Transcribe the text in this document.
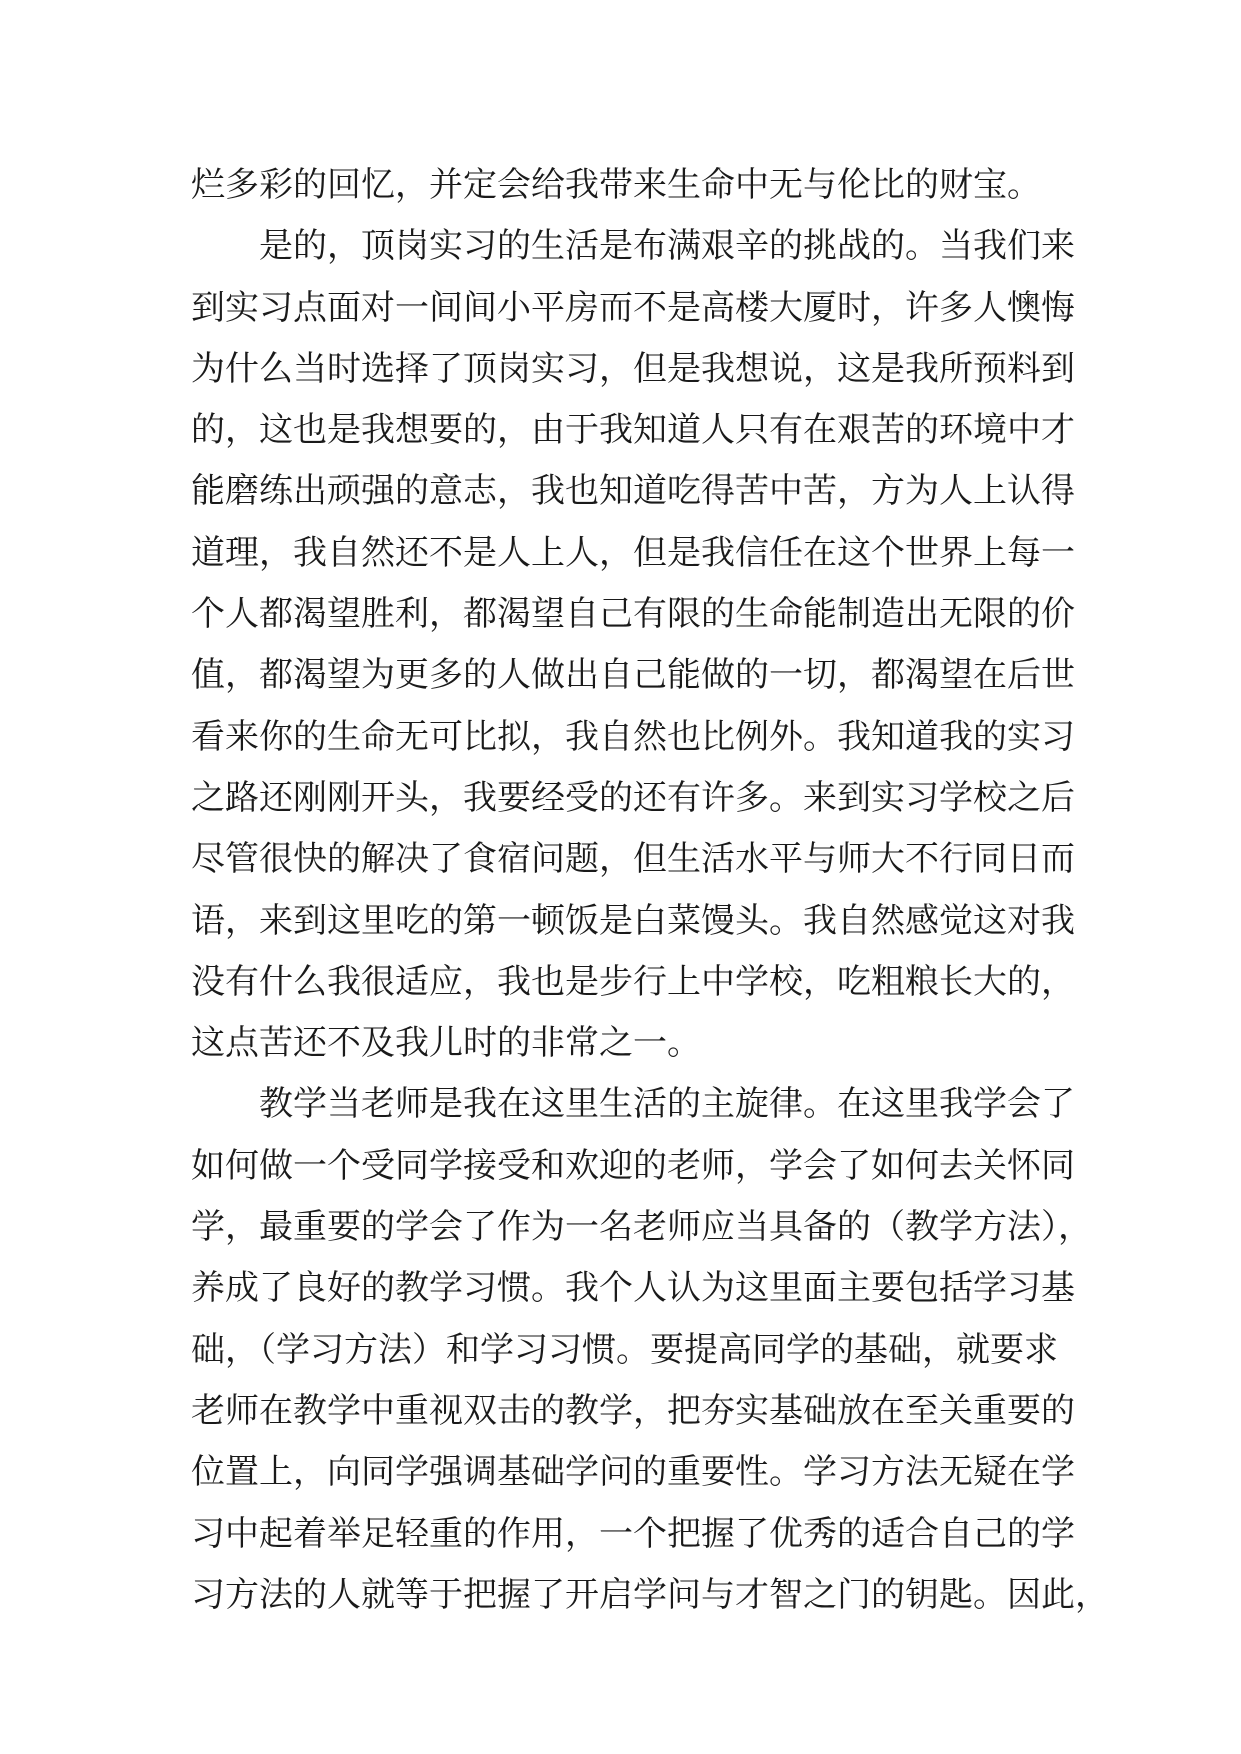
烂多彩的回忆，并定会给我带来生命中无与伦比的财宝。
是的，顶岗实习的生活是布满艰辛的挑战的。当我们来
到实习点面对一间间小平房而不是高楼大厦时，许多人懊悔
为什么当时选择了顶岗实习，但是我想说，这是我所预料到
的，这也是我想要的，由于我知道人只有在艰苦的环境中才
能磨练出顽强的意志，我也知道吃得苦中苦，方为人上认得
道理，我自然还不是人上人，但是我信任在这个世界上每一
个人都渴望胜利，都渴望自己有限的生命能制造出无限的价
值，都渴望为更多的人做出自己能做的一切，都渴望在后世
看来你的生命无可比拟，我自然也比例外。我知道我的实习
之路还刚刚开头，我要经受的还有许多。来到实习学校之后
尽管很快的解决了食宿问题，但生活水平与师大不行同日而
语，来到这里吃的第一顿饭是白菜馒头。我自然感觉这对我
没有什么我很适应，我也是步行上中学校，吃粗粮长大的，
这点苦还不及我儿时的非常之一。
教学当老师是我在这里生活的主旋律。在这里我学会了
如何做一个受同学接受和欢迎的老师，学会了如何去关怀同
学，最重要的学会了作为一名老师应当具备的（教学方法），
养成了良好的教学习惯。我个人认为这里面主要包括学习基
础，（学习方法）和学习习惯。要提高同学的基础，就要求
老师在教学中重视双击的教学，把夯实基础放在至关重要的
位置上，向同学强调基础学问的重要性。学习方法无疑在学
习中起着举足轻重的作用，一个把握了优秀的适合自己的学
习方法的人就等于把握了开启学问与才智之门的钥匙。因此，
